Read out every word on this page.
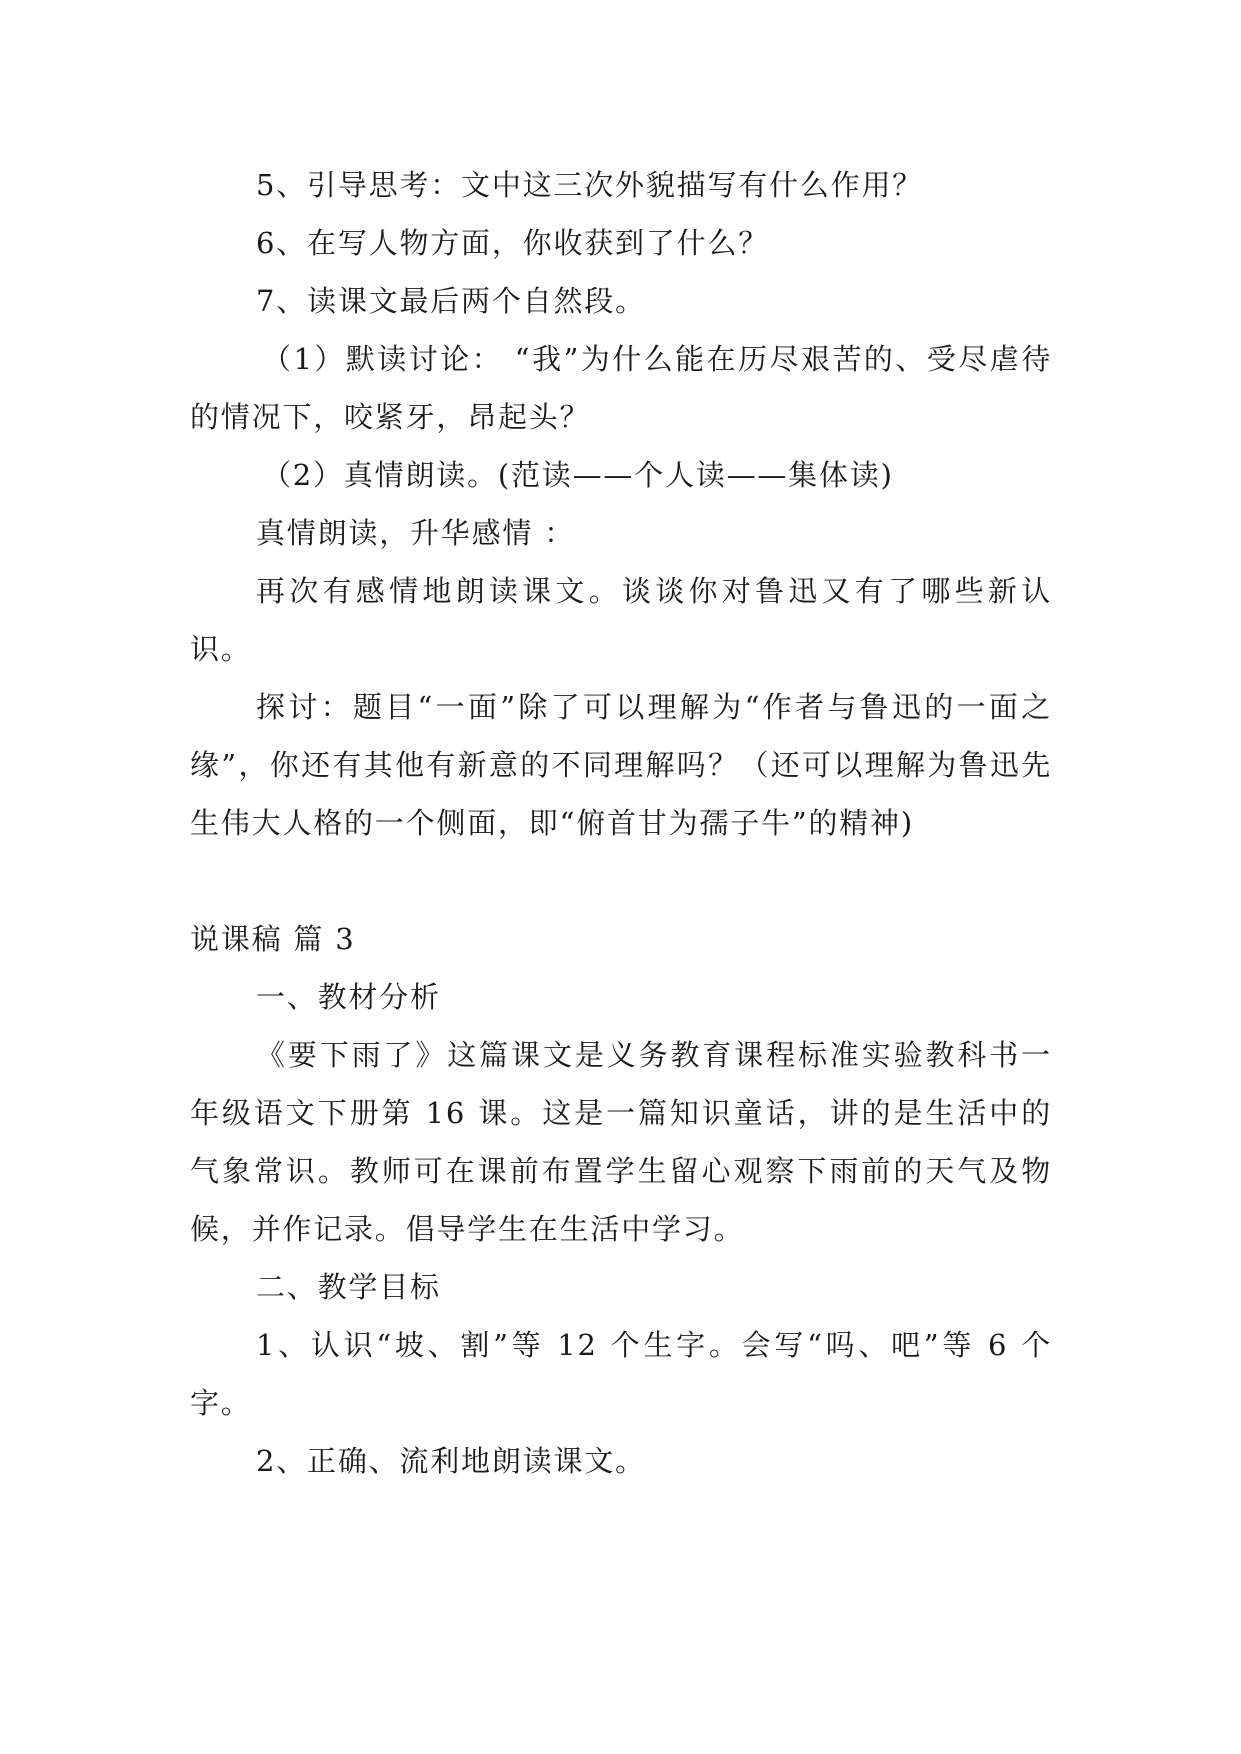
5、引导思考：文中这三次外貌描写有什么作用？

6、在写人物方面，你收获到了什么？

7、读课文最后两个自然段。

（1）默读讨论： “我”为什么能在历尽艰苦的、受尽虐待的情况下，咬紧牙，昂起头？

（2）真情朗读。(范读——个人读——集体读)

真情朗读，升华感情 ：

再次有感情地朗读课文。谈谈你对鲁迅又有了哪些新认识。

探讨：题目“一面”除了可以理解为“作者与鲁迅的一面之缘”，你还有其他有新意的不同理解吗？（还可以理解为鲁迅先生伟大人格的一个侧面，即“俯首甘为孺子牛”的精神)

说课稿 篇 3

一、教材分析

《要下雨了》这篇课文是义务教育课程标准实验教科书一年级语文下册第 16 课。这是一篇知识童话，讲的是生活中的气象常识。教师可在课前布置学生留心观察下雨前的天气及物候，并作记录。倡导学生在生活中学习。

二、教学目标

1、认识“坡、割”等 12 个生字。会写“吗、吧”等 6 个字。

2、正确、流利地朗读课文。
